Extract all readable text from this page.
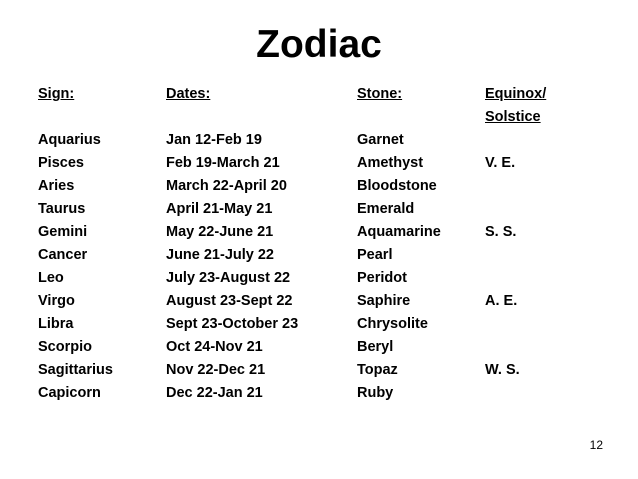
Zodiac
Sign:	Dates:	Stone:	Equinox/
Solstice
Aquarius	Jan 12-Feb 19	Garnet
Pisces	Feb 19-March 21	Amethyst	V. E.
Aries	March 22-April 20	Bloodstone
Taurus	April 21-May 21	Emerald
Gemini	May 22-June 21	Aquamarine	S. S.
Cancer	June 21-July 22	Pearl
Leo	July 23-August 22	Peridot
Virgo	August 23-Sept 22	Saphire	A. E.
Libra	Sept 23-October 23	Chrysolite
Scorpio	Oct 24-Nov 21	Beryl
Sagittarius	Nov 22-Dec 21	Topaz	W. S.
Capicorn	Dec 22-Jan 21	Ruby
12
